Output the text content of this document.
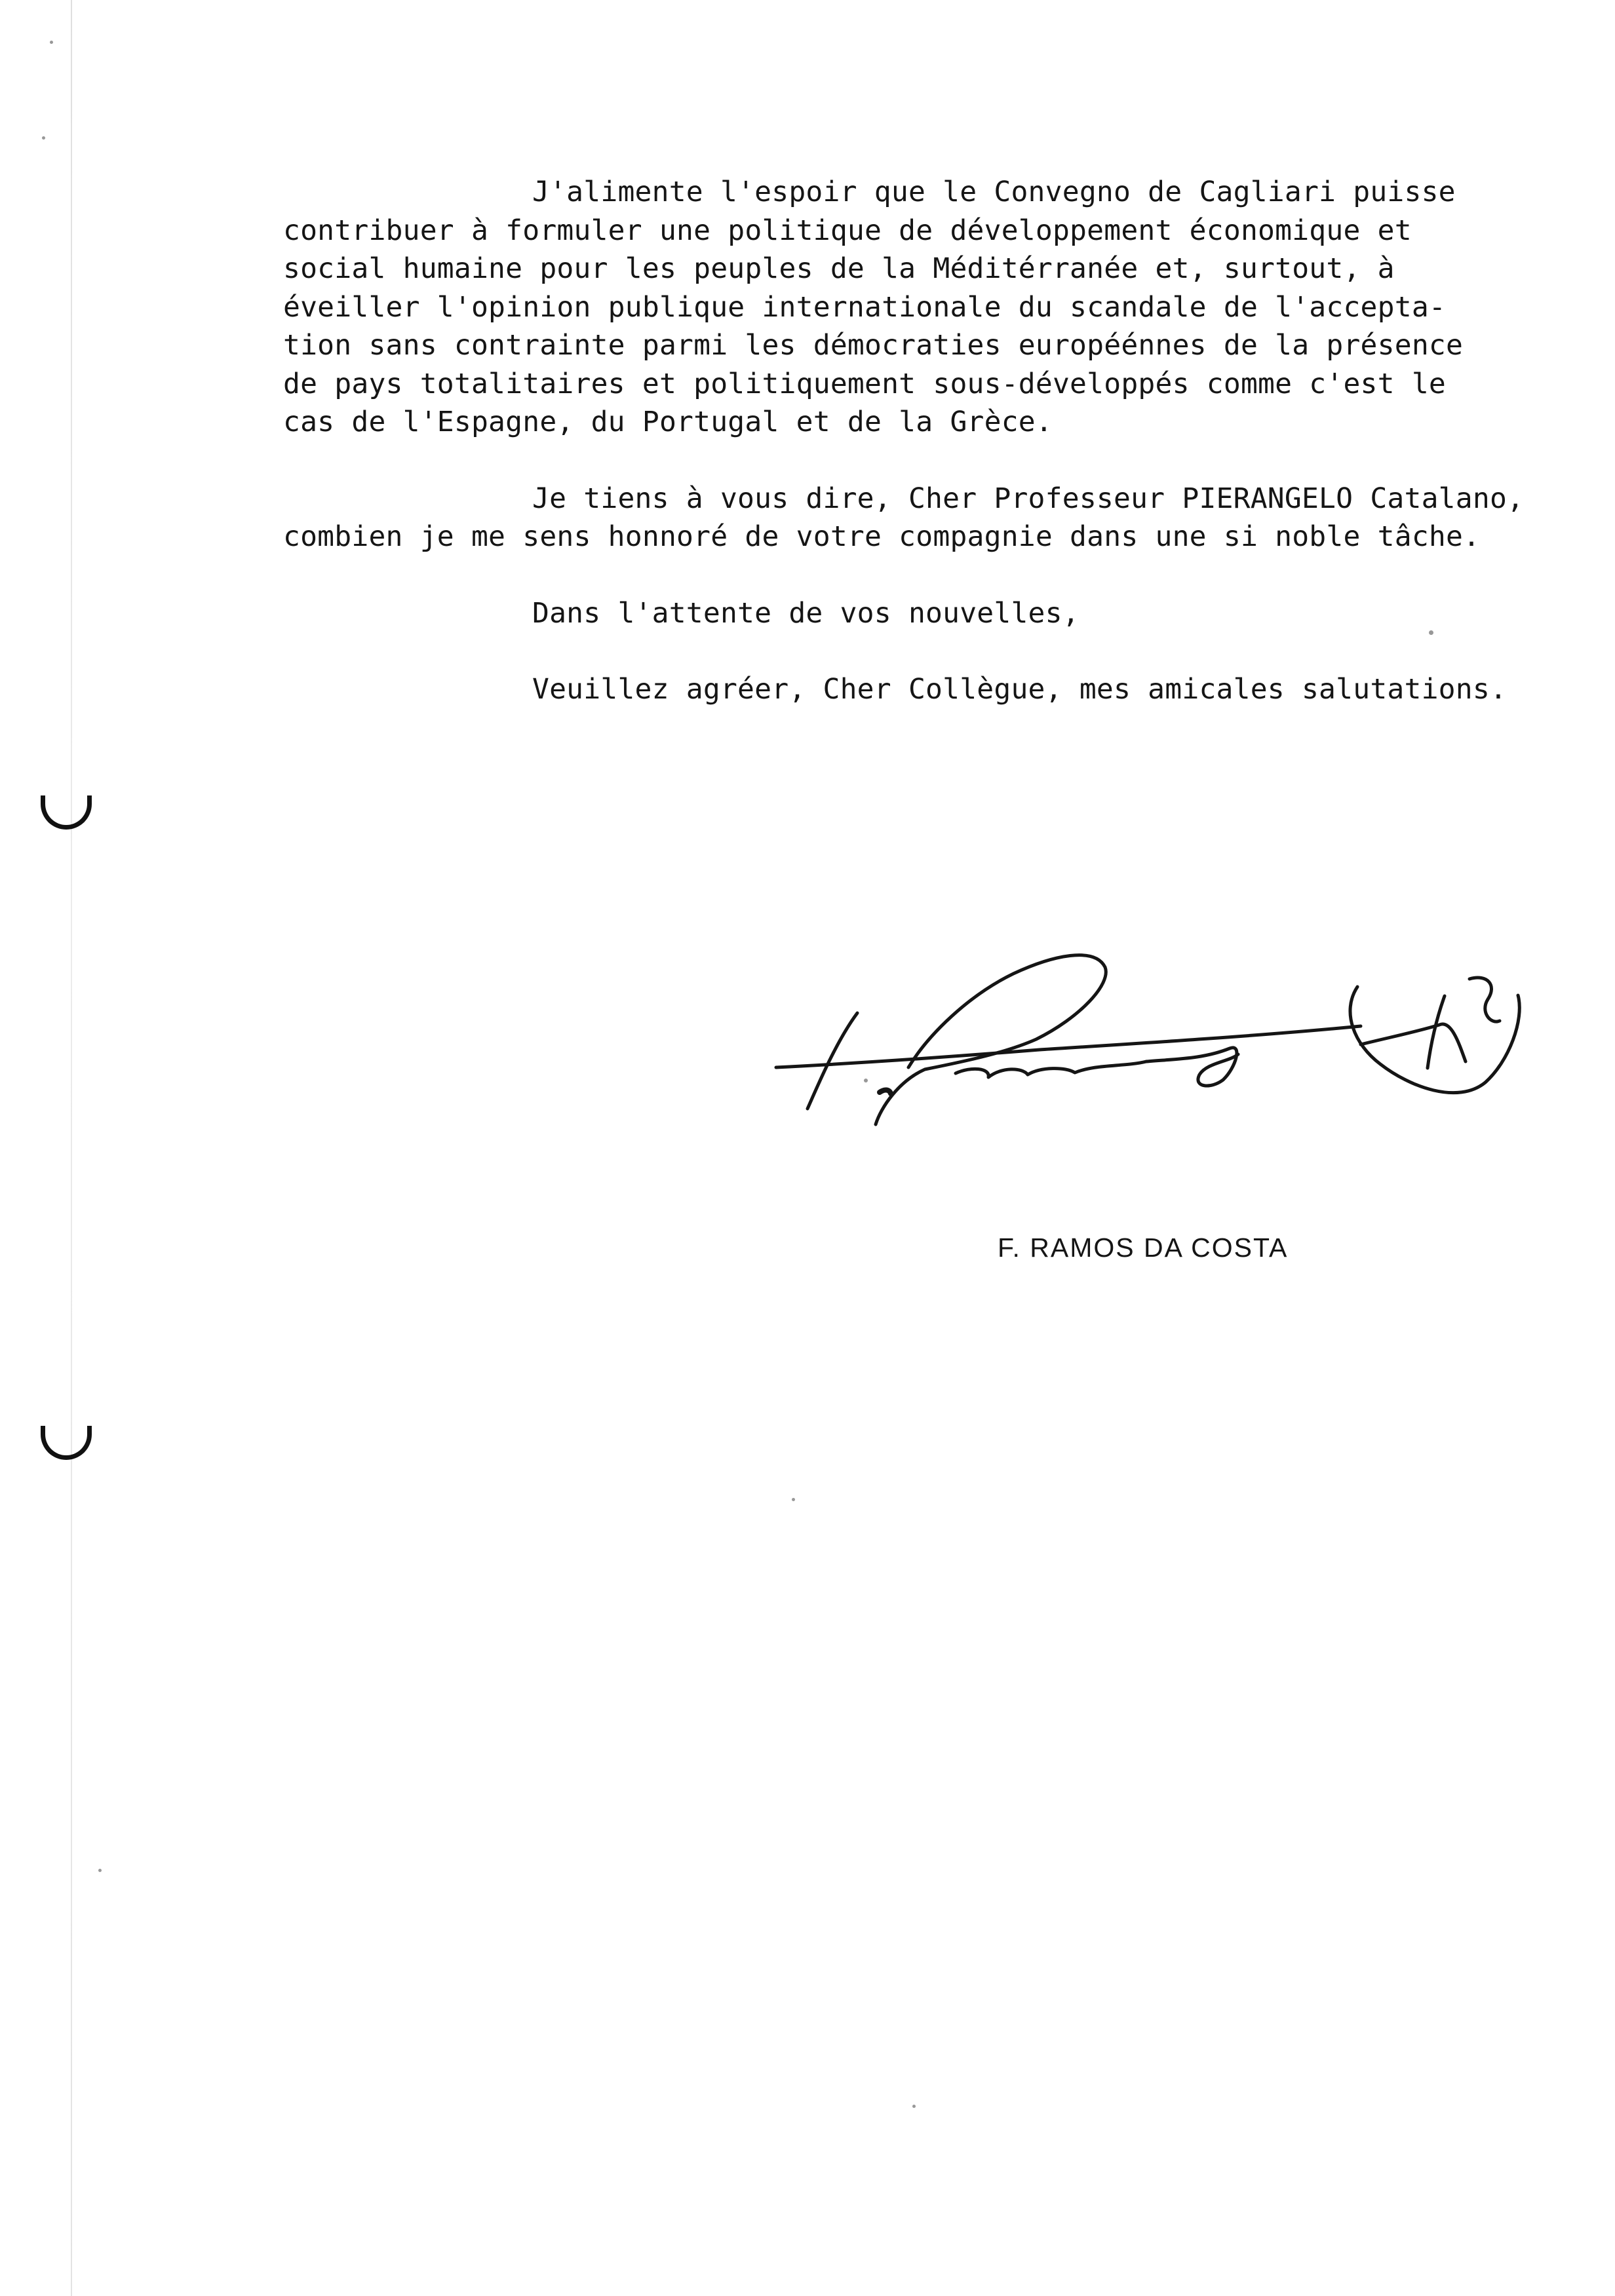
J'alimente l'espoir que le Convegno de Cagliari puisse

contribuer à formuler une politique de développement économique et

social humaine pour les peuples de la Méditérranée et, surtout, à

éveiller l'opinion publique internationale du scandale de l'accepta-

tion sans contrainte parmi les démocraties européénnes de la présence

de pays totalitaires et politiquement sous-développés comme c'est le

cas de l'Espagne, du Portugal et de la Grèce.

Je tiens à vous dire, Cher Professeur PIERANGELO Catalano,

combien je me sens honnoré de votre compagnie dans une si noble tâche.

Dans l'attente de vos nouvelles,

Veuillez agréer, Cher Collègue, mes amicales salutations.

F. RAMOS DA COSTA
